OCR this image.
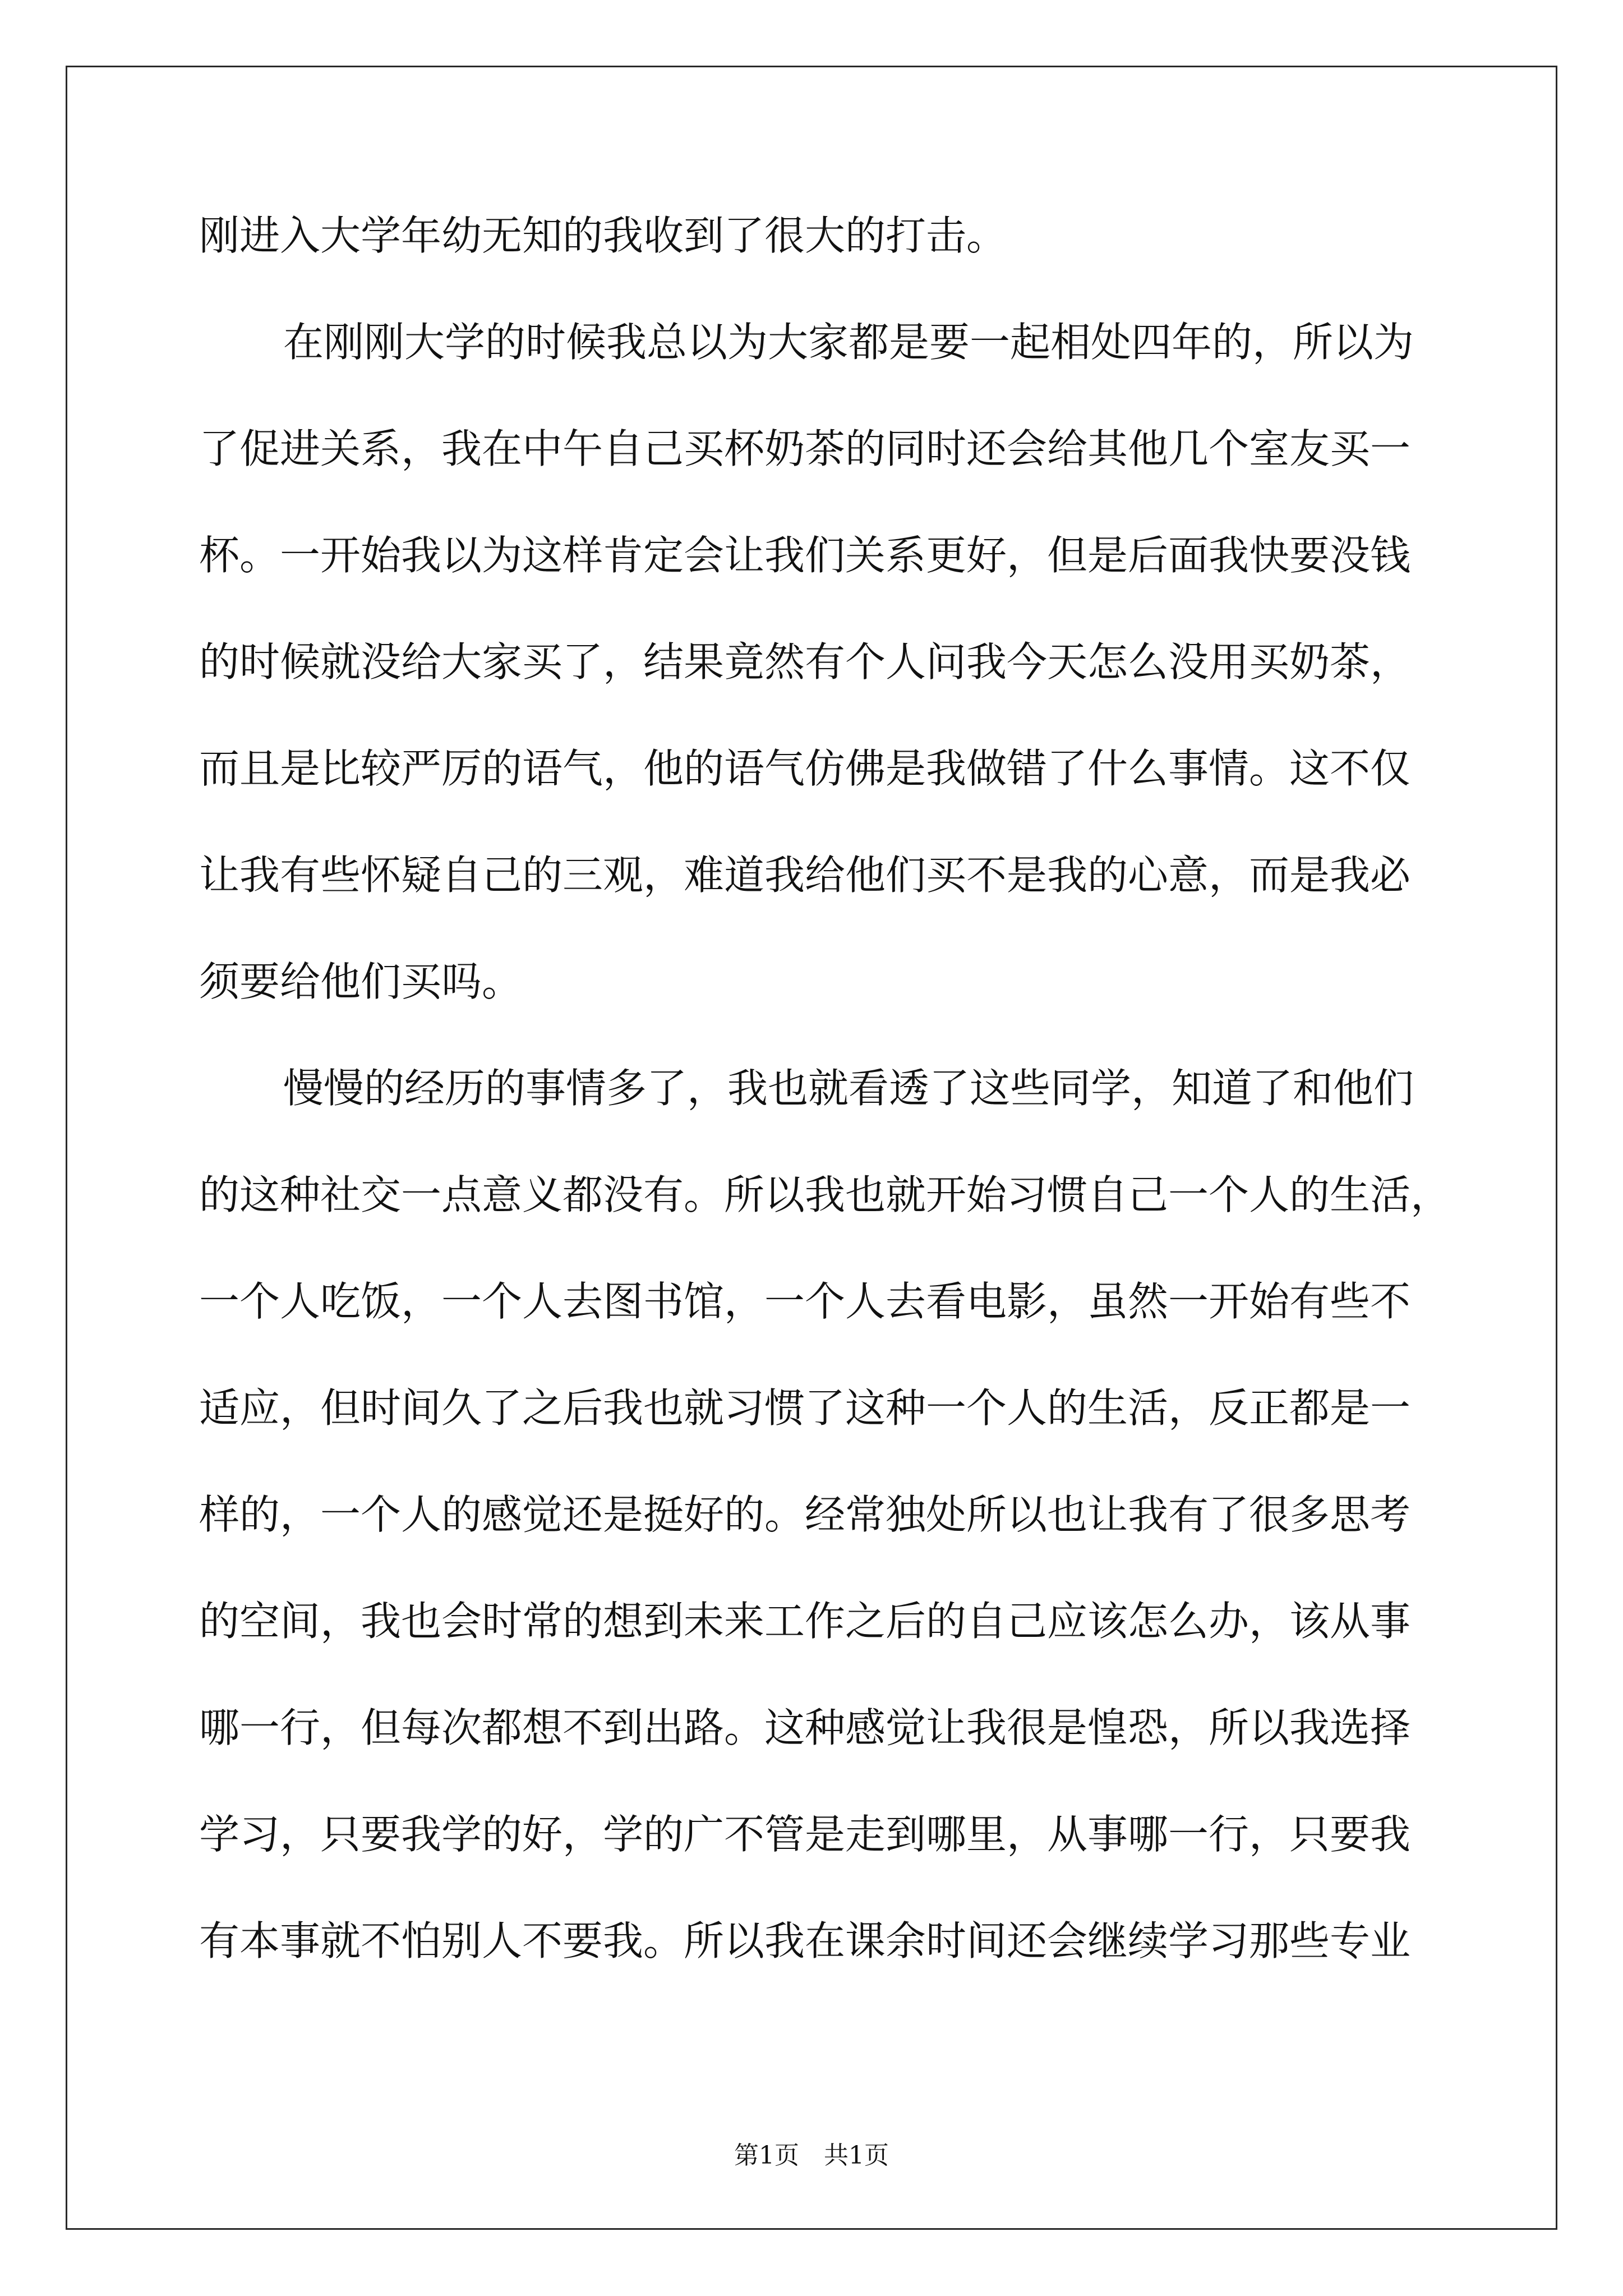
刚进入大学年幼无知的我收到了很大的打击。
在刚刚大学的时候我总以为大家都是要一起相处四年的，所以为
了促进关系，我在中午自己买杯奶茶的同时还会给其他几个室友买一
杯。一开始我以为这样肯定会让我们关系更好，但是后面我快要没钱
的时候就没给大家买了，结果竟然有个人问我今天怎么没用买奶茶，
而且是比较严厉的语气，他的语气仿佛是我做错了什么事情。这不仅
让我有些怀疑自己的三观，难道我给他们买不是我的心意，而是我必
须要给他们买吗。
慢慢的经历的事情多了，我也就看透了这些同学，知道了和他们
的这种社交一点意义都没有。所以我也就开始习惯自己一个人的生活，
一个人吃饭，一个人去图书馆，一个人去看电影，虽然一开始有些不
适应，但时间久了之后我也就习惯了这种一个人的生活，反正都是一
样的，一个人的感觉还是挺好的。经常独处所以也让我有了很多思考
的空间，我也会时常的想到未来工作之后的自己应该怎么办，该从事
哪一行，但每次都想不到出路。这种感觉让我很是惶恐，所以我选择
学习，只要我学的好，学的广不管是走到哪里，从事哪一行，只要我
有本事就不怕别人不要我。所以我在课余时间还会继续学习那些专业
第1页　共1页
